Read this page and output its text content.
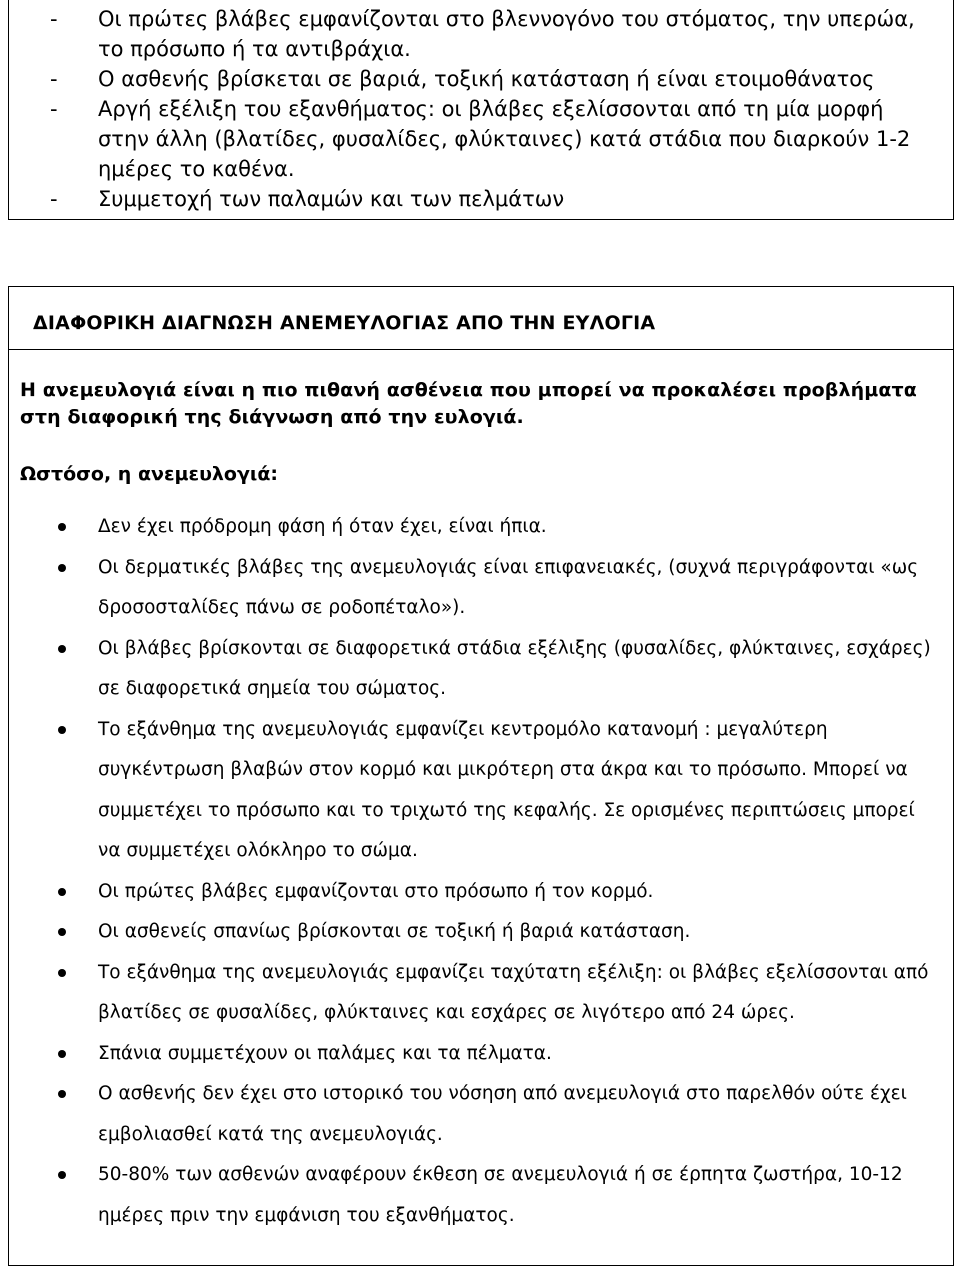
- Οι πρώτες βλάβες εμφανίζονται στο βλεννογόνο του στόματος, την υπερώα, το πρόσωπο ή τα αντιβράχια.
- Ο ασθενής βρίσκεται σε βαριά, τοξική κατάσταση ή είναι ετοιμοθάνατος
- Αργή εξέλιξη του εξανθήματος: οι βλάβες εξελίσσονται από τη μία μορφή στην άλλη (βλατίδες, φυσαλίδες, φλύκταινες) κατά στάδια που διαρκούν 1-2 ημέρες το καθένα.
- Συμμετοχή των παλαμών και των πελμάτων
ΔΙΑΦΟΡΙΚΗ ΔΙΑΓΝΩΣΗ ΑΝΕΜΕΥΛΟΓΙΑΣ ΑΠΟ ΤΗΝ ΕΥΛΟΓΙΑ

Η ανεμευλογιά είναι η πιο πιθανή ασθένεια που μπορεί να προκαλέσει προβλήματα στη διαφορική της διάγνωση από την ευλογιά.

Ωστόσο, η ανεμευλογιά:

Δεν έχει πρόδρομη φάση ή όταν έχει, είναι ήπια.
Οι δερματικές βλάβες της ανεμευλογιάς είναι επιφανειακές, (συχνά περιγράφονται «ως δροσοσταλίδες πάνω σε ροδοπέταλο»).
Οι βλάβες βρίσκονται σε διαφορετικά στάδια εξέλιξης (φυσαλίδες, φλύκταινες, εσχάρες) σε διαφορετικά σημεία του σώματος.
Το εξάνθημα της ανεμευλογιάς εμφανίζει κεντρομόλο κατανομή : μεγαλύτερη συγκέντρωση βλαβών στον κορμό και μικρότερη στα άκρα και το πρόσωπο. Μπορεί να συμμετέχει το πρόσωπο και το τριχωτό της κεφαλής. Σε ορισμένες περιπτώσεις μπορεί να συμμετέχει ολόκληρο το σώμα.
Οι πρώτες βλάβες εμφανίζονται στο πρόσωπο ή τον κορμό.
Οι ασθενείς σπανίως βρίσκονται σε τοξική ή βαριά κατάσταση.
Το εξάνθημα της ανεμευλογιάς εμφανίζει ταχύτατη εξέλιξη: οι βλάβες εξελίσσονται από βλατίδες σε φυσαλίδες, φλύκταινες και εσχάρες σε λιγότερο από 24 ώρες.
Σπάνια συμμετέχουν οι παλάμες και τα πέλματα.
Ο ασθενής δεν έχει στο ιστορικό του νόσηση από ανεμευλογιά στο παρελθόν ούτε έχει εμβολιασθεί κατά της ανεμευλογιάς.
50-80% των ασθενών αναφέρουν έκθεση σε ανεμευλογιά ή σε έρπητα ζωστήρα, 10-12 ημέρες πριν την εμφάνιση του εξανθήματος.
